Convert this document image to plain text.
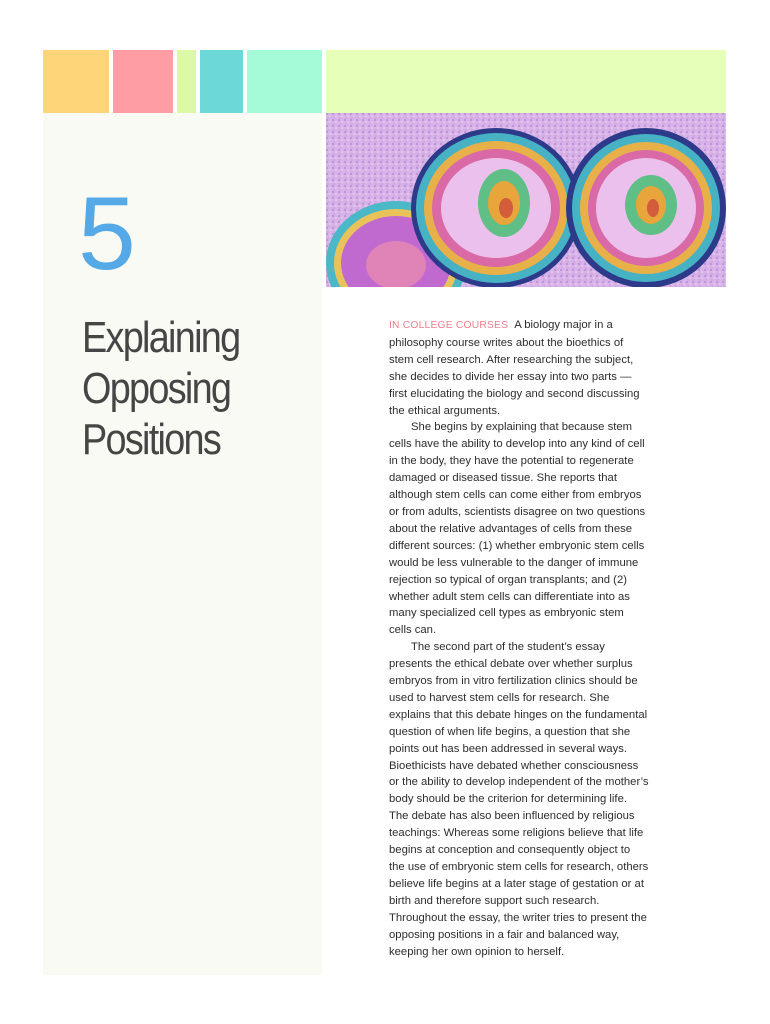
5
Explaining
Opposing
Positions

IN COLLEGE COURSES A biology major in a philosophy course writes about the bioethics of stem cell research. After researching the subject, she decides to divide her essay into two parts — first elucidating the biology and second discussing the ethical arguments.

She begins by explaining that because stem cells have the ability to develop into any kind of cell in the body, they have the potential to regenerate damaged or diseased tissue. She reports that although stem cells can come either from embryos or from adults, scientists disagree on two questions about the relative advantages of cells from these different sources: (1) whether embryonic stem cells would be less vulnerable to the danger of immune rejection so typical of organ transplants; and (2) whether adult stem cells can differentiate into as many specialized cell types as embryonic stem cells can.

The second part of the student’s essay presents the ethical debate over whether surplus embryos from in vitro fertilization clinics should be used to harvest stem cells for research. She explains that this debate hinges on the fundamental question of when life begins, a question that she points out has been addressed in several ways. Bioethicists have debated whether consciousness or the ability to develop independent of the mother’s body should be the criterion for determining life. The debate has also been influenced by religious teachings: Whereas some religions believe that life begins at conception and consequently object to the use of embryonic stem cells for research, others believe life begins at a later stage of gestation or at birth and therefore support such research. Throughout the essay, the writer tries to present the opposing positions in a fair and balanced way, keeping her own opinion to herself.
